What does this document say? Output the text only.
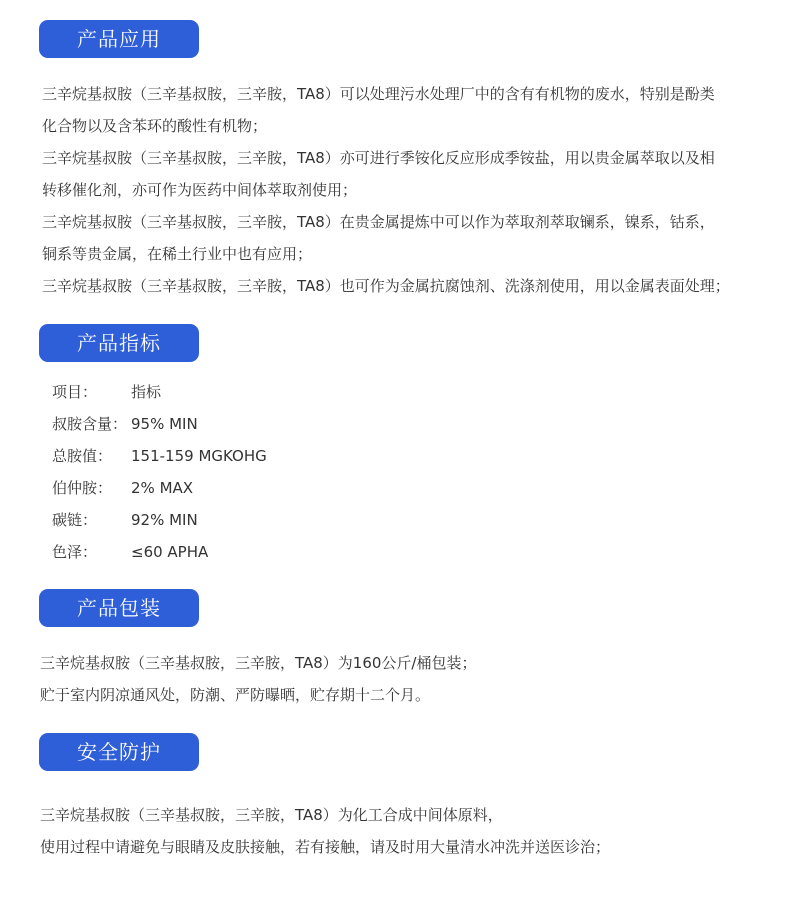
产品应用

三辛烷基叔胺（三辛基叔胺，三辛胺，TA8）可以处理污水处理厂中的含有有机物的废水，特别是酚类

化合物以及含苯环的酸性有机物；

三辛烷基叔胺（三辛基叔胺，三辛胺，TA8）亦可进行季铵化反应形成季铵盐，用以贵金属萃取以及相

转移催化剂，亦可作为医药中间体萃取剂使用；

三辛烷基叔胺（三辛基叔胺，三辛胺，TA8）在贵金属提炼中可以作为萃取剂萃取镧系，镍系，钴系，

铜系等贵金属，在稀土行业中也有应用；

三辛烷基叔胺（三辛基叔胺，三辛胺，TA8）也可作为金属抗腐蚀剂、洗涤剂使用，用以金属表面处理；

产品指标
项目： 指标
叔胺含量： 95% MIN
总胺值： 151-159 MGKOHG
伯仲胺： 2% MAX
碳链： 92% MIN
色泽： ≤60 APHA
产品包装

三辛烷基叔胺（三辛基叔胺，三辛胺，TA8）为160公斤/桶包装；

贮于室内阴凉通风处，防潮、严防曝晒，贮存期十二个月。

安全防护

三辛烷基叔胺（三辛基叔胺，三辛胺，TA8）为化工合成中间体原料，

使用过程中请避免与眼睛及皮肤接触，若有接触，请及时用大量清水冲洗并送医诊治；
